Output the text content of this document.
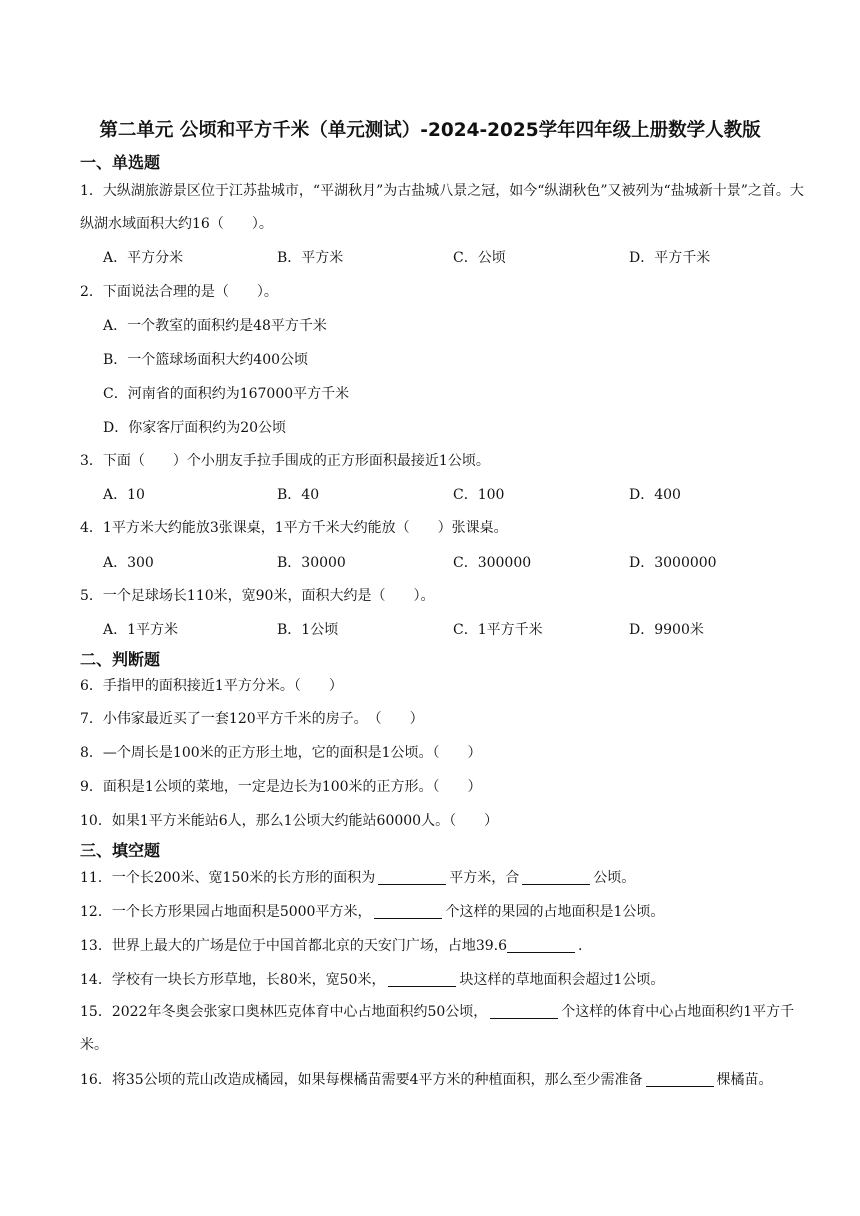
第二单元 公顷和平方千米（单元测试）-2024-2025学年四年级上册数学人教版
一、单选题
1．大纵湖旅游景区位于江苏盐城市，“平湖秋月”为古盐城八景之冠，如今“纵湖秋色”又被列为“盐城新十景”之首。大纵湖水域面积大约16（　　）。
A．平方分米	B．平方米	C．公顷	D．平方千米
2．下面说法合理的是（　　）。
A．一个教室的面积约是48平方千米
B．一个篮球场面积大约400公顷
C．河南省的面积约为167000平方千米
D．你家客厅面积约为20公顷
3．下面（　　）个小朋友手拉手围成的正方形面积最接近1公顷。
A．10	B．40	C．100	D．400
4．1平方米大约能放3张课桌，1平方千米大约能放（　　）张课桌。
A．300	B．30000	C．300000	D．3000000
5．一个足球场长110米，宽90米，面积大约是（　　）。
A．1平方米	B．1公顷	C．1平方千米	D．9900米
二、判断题
6．手指甲的面积接近1平方分米。（　　）
7．小伟家最近买了一套120平方千米的房子。　（　　）
8．—个周长是100米的正方形土地，它的面积是1公顷。（　　）
9．面积是1公顷的菜地，一定是边长为100米的正方形。（　　）
10．如果1平方米能站6人，那么1公顷大约能站60000人。（　　）
三、填空题
11．一个长200米、宽150米的长方形的面积为	平方米，合	公顷。
12．一个长方形果园占地面积是5000平方米，	个这样的果园的占地面积是1公顷。
13．世界上最大的广场是位于中国首都北京的天安门广场，占地39.6	.
14．学校有一块长方形草地，长80米，宽50米，	块这样的草地面积会超过1公顷。
15．2022年冬奥会张家口奥林匹克体育中心占地面积约50公顷，	个这样的体育中心占地面积约1平方千米。
16．将35公顷的荒山改造成橘园，如果每棵橘苗需要4平方米的种植面积，那么至少需准备	棵橘苗。
